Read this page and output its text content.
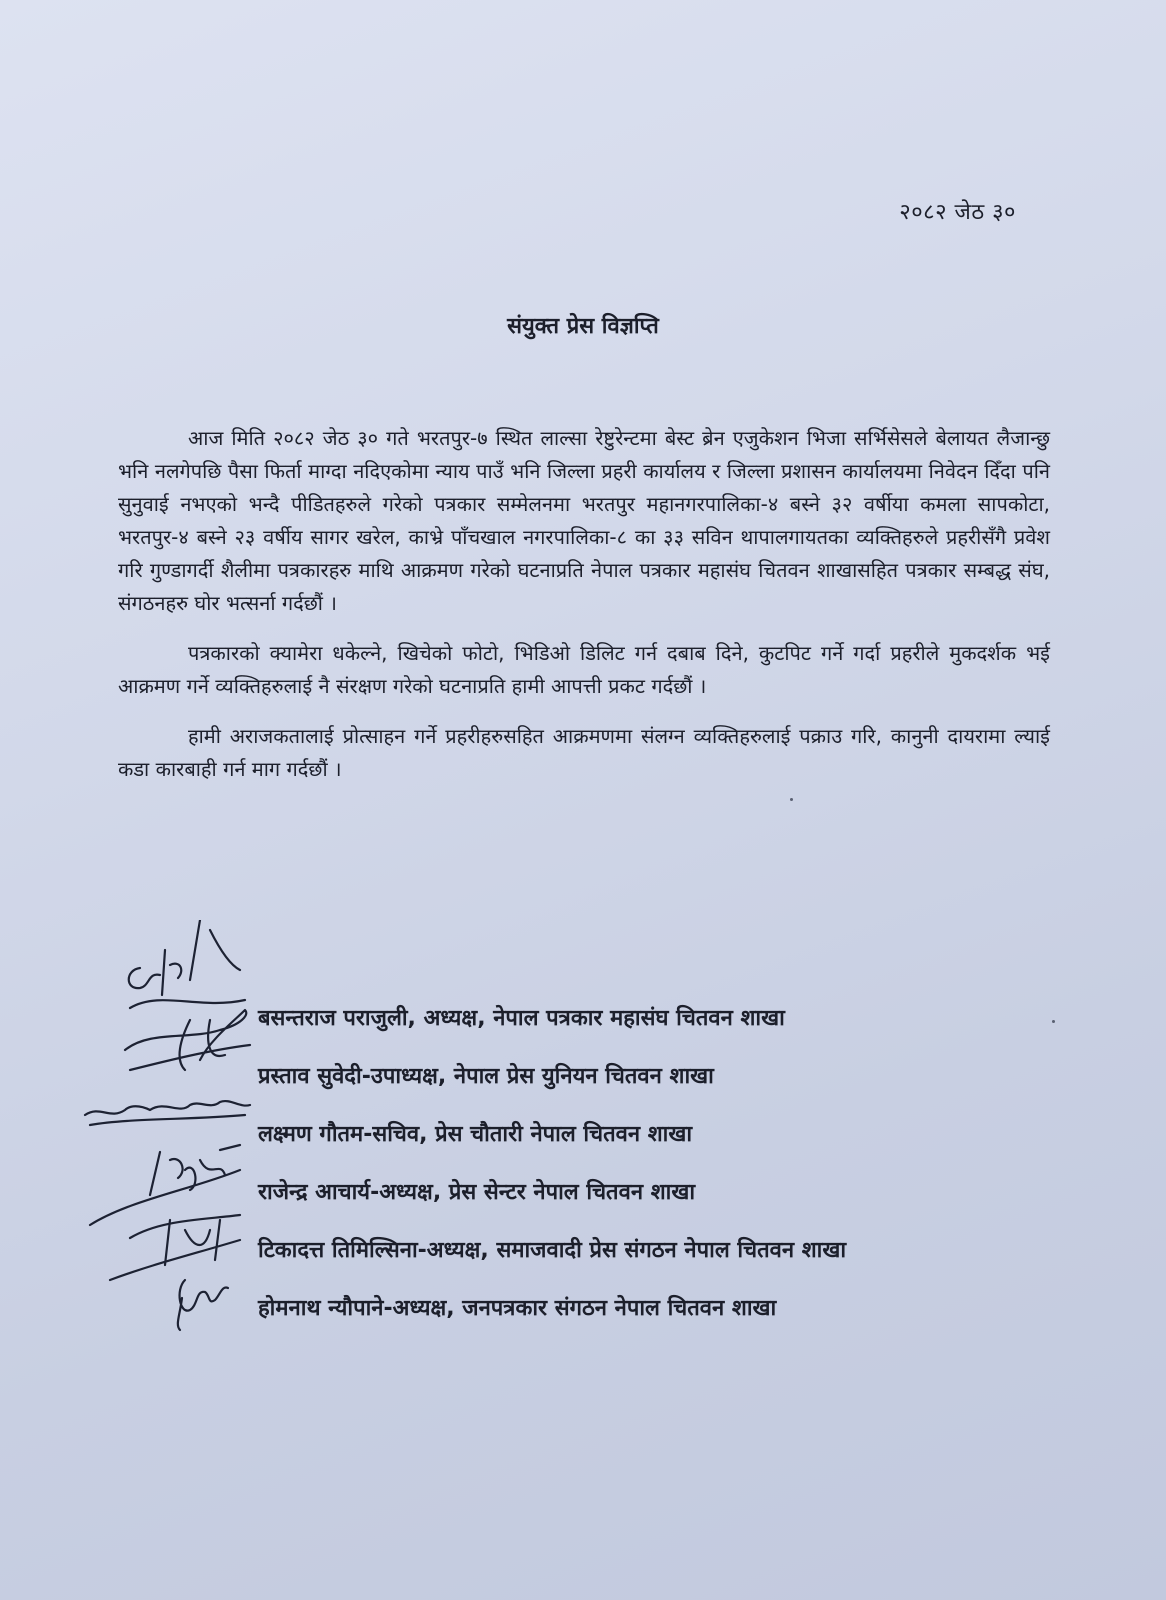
२०८२ जेठ ३०
संयुक्त प्रेस विज्ञप्ति

आज मिति २०८२ जेठ ३० गते भरतपुर-७ स्थित लाल्सा रेष्टुरेन्टमा बेस्ट ब्रेन एजुकेशन भिजा सर्भिसेसले बेलायत लैजान्छु भनि नलगेपछि पैसा फिर्ता माग्दा नदिएकोमा न्याय पाउँ भनि जिल्ला प्रहरी कार्यालय र जिल्ला प्रशासन कार्यालयमा निवेदन दिँदा पनि सुनुवाई नभएको भन्दै पीडितहरुले गरेको पत्रकार सम्मेलनमा भरतपुर महानगरपालिका-४ बस्ने ३२ वर्षीया कमला सापकोटा, भरतपुर-४ बस्ने २३ वर्षीय सागर खरेल, काभ्रे पाँचखाल नगरपालिका-८ का ३३ सविन थापालगायतका व्यक्तिहरुले प्रहरीसँगै प्रवेश गरि गुण्डागर्दी शैलीमा पत्रकारहरु माथि आक्रमण गरेको घटनाप्रति नेपाल पत्रकार महासंघ चितवन शाखासहित पत्रकार सम्बद्ध संघ, संगठनहरु घोर भत्सर्ना गर्दछौं ।

पत्रकारको क्यामेरा धकेल्ने, खिचेको फोटो, भिडिओ डिलिट गर्न दबाब दिने, कुटपिट गर्ने गर्दा प्रहरीले मुकदर्शक भई आक्रमण गर्ने व्यक्तिहरुलाई नै संरक्षण गरेको घटनाप्रति हामी आपत्ती प्रकट गर्दछौं ।

हामी अराजकतालाई प्रोत्साहन गर्ने प्रहरीहरुसहित आक्रमणमा संलग्न व्यक्तिहरुलाई पक्राउ गरि, कानुनी दायरामा ल्याई कडा कारबाही गर्न माग गर्दछौं ।

बसन्तराज पराजुली, अध्यक्ष, नेपाल पत्रकार महासंघ चितवन शाखा
प्रस्ताव सुवेदी-उपाध्यक्ष, नेपाल प्रेस युनियन चितवन शाखा
लक्ष्मण गौतम-सचिव, प्रेस चौतारी नेपाल चितवन शाखा
राजेन्द्र आचार्य-अध्यक्ष, प्रेस सेन्टर नेपाल चितवन शाखा
टिकादत्त तिमिल्सिना-अध्यक्ष, समाजवादी प्रेस संगठन नेपाल चितवन शाखा
होमनाथ न्यौपाने-अध्यक्ष, जनपत्रकार संगठन नेपाल चितवन शाखा
